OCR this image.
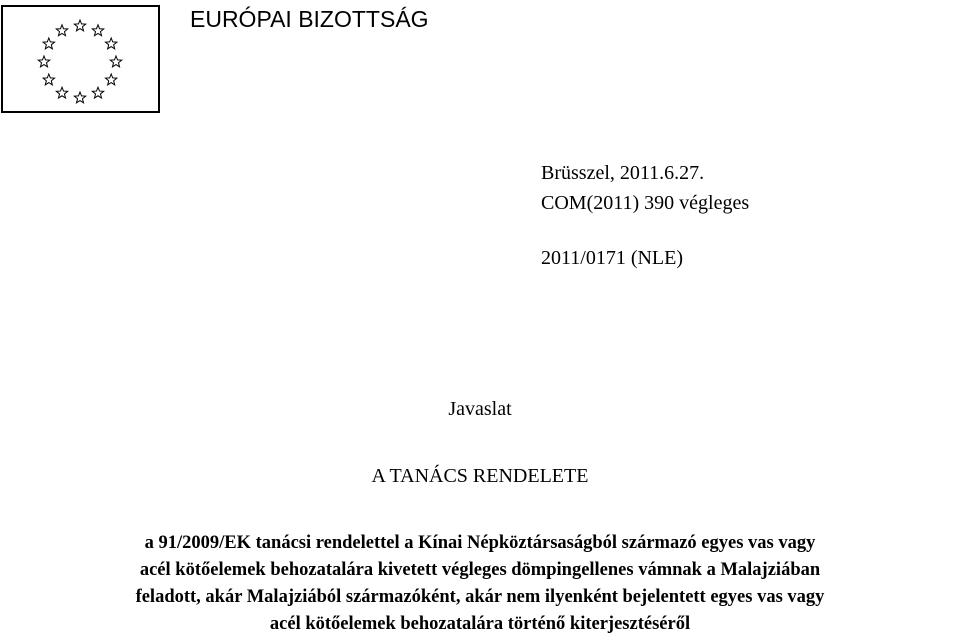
EURÓPAI BIZOTTSÁG
Brüsszel, 2011.6.27.
COM(2011) 390 végleges
2011/0171 (NLE)
Javaslat
A TANÁCS RENDELETE

a 91/2009/EK tanácsi rendelettel a Kínai Népköztársaságból származó egyes vas vagy
acél kötőelemek behozatalára kivetett végleges dömpingellenes vámnak a Malajziában
feladott, akár Malajziából származóként, akár nem ilyenként bejelentett egyes vas vagy
acél kötőelemek behozatalára történő kiterjesztéséről
